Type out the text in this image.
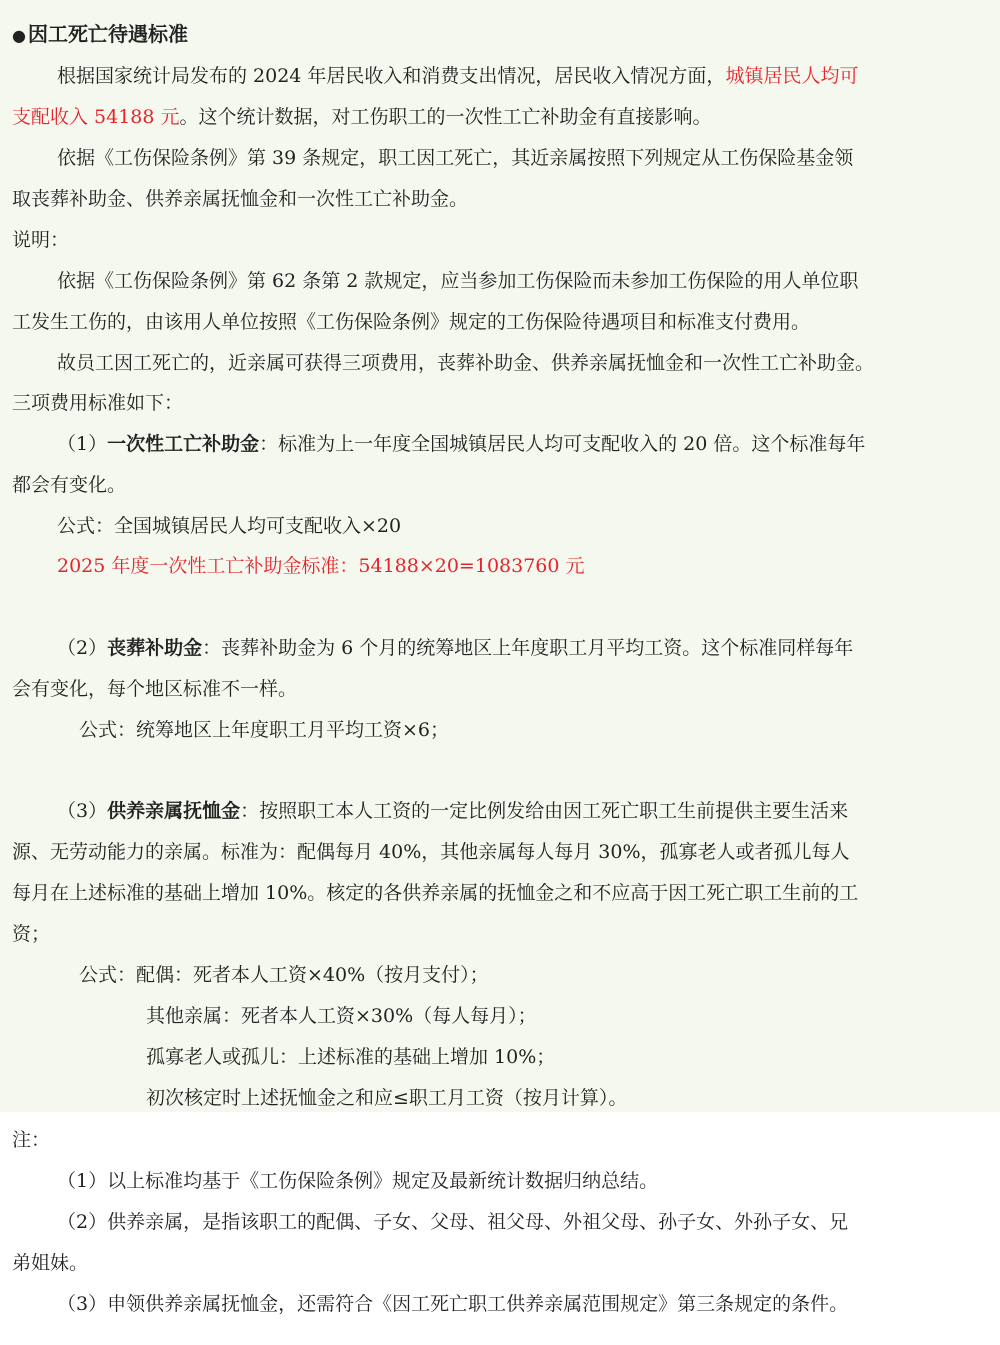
● 因工死亡待遇标准
根据国家统计局发布的 2024 年居民收入和消费支出情况，居民收入情况方面，城镇居民人均可
支配收入 54188 元。这个统计数据，对工伤职工的一次性工亡补助金有直接影响。
依据《工伤保险条例》第 39 条规定，职工因工死亡，其近亲属按照下列规定从工伤保险基金领
取丧葬补助金、供养亲属抚恤金和一次性工亡补助金。
说明：
依据《工伤保险条例》第 62 条第 2 款规定，应当参加工伤保险而未参加工伤保险的用人单位职
工发生工伤的，由该用人单位按照《工伤保险条例》规定的工伤保险待遇项目和标准支付费用。
故员工因工死亡的，近亲属可获得三项费用，丧葬补助金、供养亲属抚恤金和一次性工亡补助金。
三项费用标准如下：
（1）一次性工亡补助金：标准为上一年度全国城镇居民人均可支配收入的 20 倍。这个标准每年
都会有变化。
公式：全国城镇居民人均可支配收入×20
2025 年度一次性工亡补助金标准：54188×20=1083760 元
（2）丧葬补助金：丧葬补助金为 6 个月的统筹地区上年度职工月平均工资。这个标准同样每年
会有变化，每个地区标准不一样。
公式：统筹地区上年度职工月平均工资×6；
（3）供养亲属抚恤金：按照职工本人工资的一定比例发给由因工死亡职工生前提供主要生活来
源、无劳动能力的亲属。标准为：配偶每月 40%，其他亲属每人每月 30%，孤寡老人或者孤儿每人
每月在上述标准的基础上增加 10%。核定的各供养亲属的抚恤金之和不应高于因工死亡职工生前的工
资；
公式：配偶：死者本人工资×40%（按月支付）；
其他亲属：死者本人工资×30%（每人每月）；
孤寡老人或孤儿：上述标准的基础上增加 10%；
初次核定时上述抚恤金之和应≤职工月工资（按月计算）。
注：
（1）以上标准均基于《工伤保险条例》规定及最新统计数据归纳总结。
（2）供养亲属，是指该职工的配偶、子女、父母、祖父母、外祖父母、孙子女、外孙子女、兄
弟姐妹。
（3）申领供养亲属抚恤金，还需符合《因工死亡职工供养亲属范围规定》第三条规定的条件。
